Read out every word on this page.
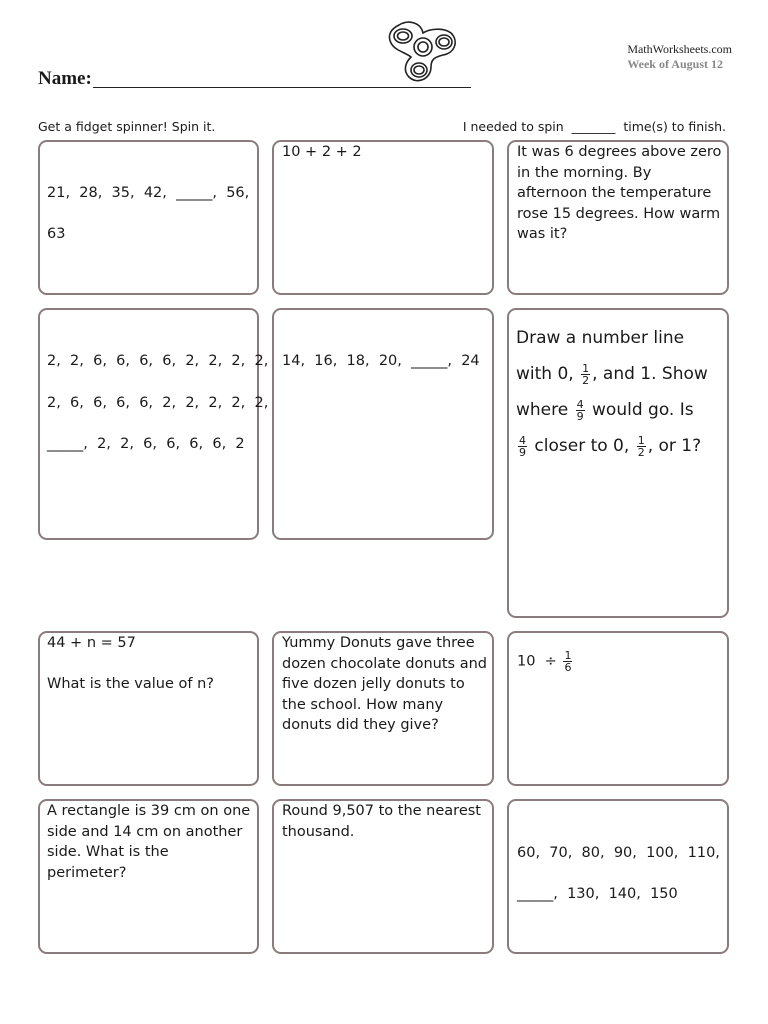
MathWorksheets.com
Week of August 12
Name:
Get a fidget spinner! Spin it.	I needed to spin  _______  time(s) to finish.
21,  28,  35,  42,  _____,  56,
63
10 + 2 + 2	It was 6 degrees above zero in the morning. By afternoon the temperature rose 15 degrees. How warm was it?
2,  2,  6,  6,  6,  6,  2,  2,  2,  2,
2,  6,  6,  6,  6,  2,  2,  2,  2,  2,
_____,  2,  2,  6,  6,  6,  6,  2
14,  16,  18,  20,  _____,  24
Draw a number line
with 0, $\frac{1}{2}$ , and 1. Show
where $\frac{4}{9}$ would go. Is
$\frac{4}{9}$ closer to 0, $\frac{1}{2}$ , or 1?
44 + n = 57
What is the value of n?
Yummy Donuts gave three dozen chocolate donuts and five dozen jelly donuts to the school. How many donuts did they give?
$10 \div \frac{1}{6}$
A rectangle is 39 cm on one side and 14 cm on another side. What is the perimeter?
Round 9,507 to the nearest thousand.
60,  70,  80,  90,  100,  110,
_____,  130,  140,  150
